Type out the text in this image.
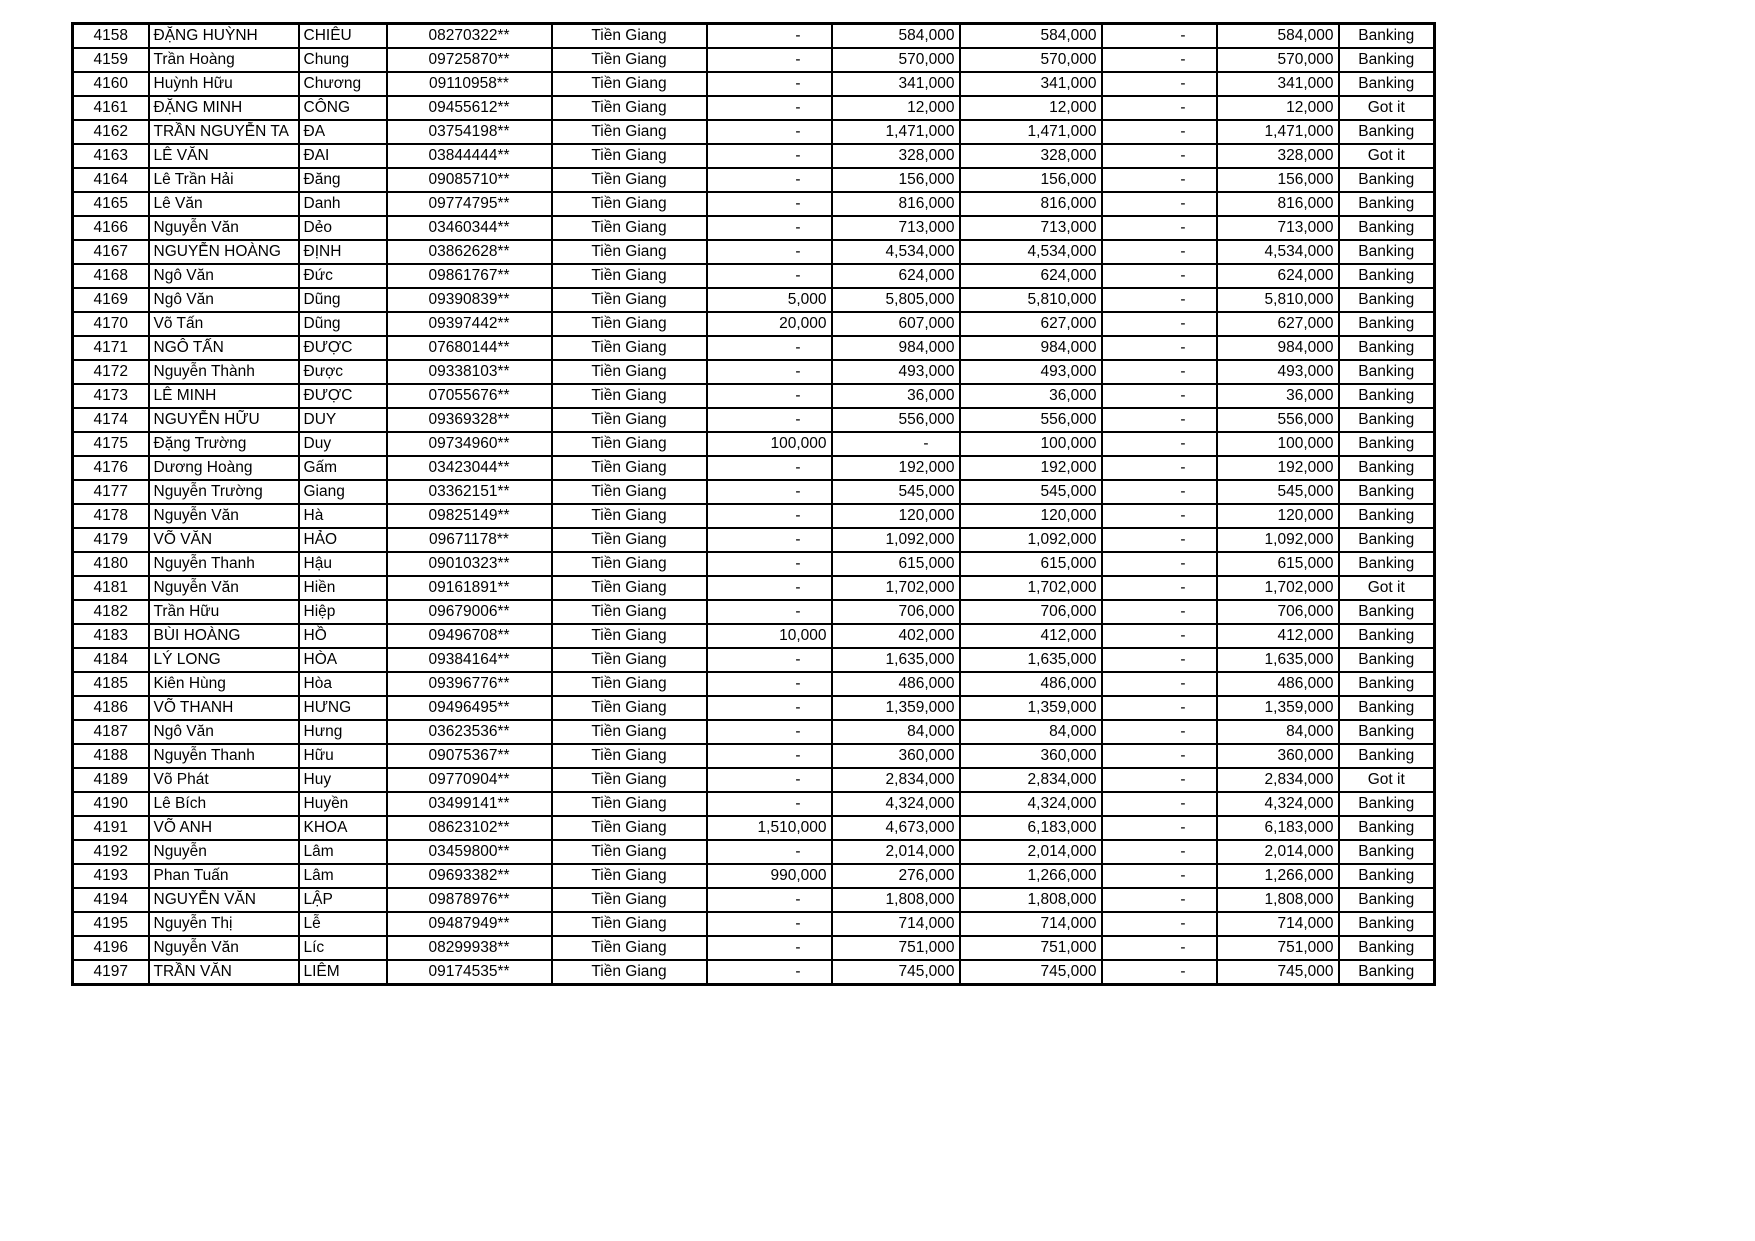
4158	ĐẶNG HUỲNH	CHIÊU	08270322**	Tiền Giang	-	584,000	584,000	-	584,000	Banking
4159	Trần Hoàng	Chung	09725870**	Tiền Giang	-	570,000	570,000	-	570,000	Banking
4160	Huỳnh Hữu	Chương	09110958**	Tiền Giang	-	341,000	341,000	-	341,000	Banking
4161	ĐẶNG MINH	CÔNG	09455612**	Tiền Giang	-	12,000	12,000	-	12,000	Got it
4162	TRẦN NGUYỄN TA	ĐA	03754198**	Tiền Giang	-	1,471,000	1,471,000	-	1,471,000	Banking
4163	LÊ VĂN	ĐAI	03844444**	Tiền Giang	-	328,000	328,000	-	328,000	Got it
4164	Lê Trần Hải	Đăng	09085710**	Tiền Giang	-	156,000	156,000	-	156,000	Banking
4165	Lê Văn	Danh	09774795**	Tiền Giang	-	816,000	816,000	-	816,000	Banking
4166	Nguyễn Văn	Dẻo	03460344**	Tiền Giang	-	713,000	713,000	-	713,000	Banking
4167	NGUYỄN HOÀNG	ĐỊNH	03862628**	Tiền Giang	-	4,534,000	4,534,000	-	4,534,000	Banking
4168	Ngô Văn	Đức	09861767**	Tiền Giang	-	624,000	624,000	-	624,000	Banking
4169	Ngô Văn	Dũng	09390839**	Tiền Giang	5,000	5,805,000	5,810,000	-	5,810,000	Banking
4170	Võ Tấn	Dũng	09397442**	Tiền Giang	20,000	607,000	627,000	-	627,000	Banking
4171	NGÔ TẤN	ĐƯỢC	07680144**	Tiền Giang	-	984,000	984,000	-	984,000	Banking
4172	Nguyễn Thành	Được	09338103**	Tiền Giang	-	493,000	493,000	-	493,000	Banking
4173	LÊ MINH	ĐƯỢC	07055676**	Tiền Giang	-	36,000	36,000	-	36,000	Banking
4174	NGUYỄN HỮU	DUY	09369328**	Tiền Giang	-	556,000	556,000	-	556,000	Banking
4175	Đặng Trường	Duy	09734960**	Tiền Giang	100,000	-	100,000	-	100,000	Banking
4176	Dương Hoàng	Gấm	03423044**	Tiền Giang	-	192,000	192,000	-	192,000	Banking
4177	Nguyễn Trường	Giang	03362151**	Tiền Giang	-	545,000	545,000	-	545,000	Banking
4178	Nguyễn Văn	Hà	09825149**	Tiền Giang	-	120,000	120,000	-	120,000	Banking
4179	VÕ VĂN	HẢO	09671178**	Tiền Giang	-	1,092,000	1,092,000	-	1,092,000	Banking
4180	Nguyễn Thanh	Hậu	09010323**	Tiền Giang	-	615,000	615,000	-	615,000	Banking
4181	Nguyễn Văn	Hiền	09161891**	Tiền Giang	-	1,702,000	1,702,000	-	1,702,000	Got it
4182	Trần Hữu	Hiệp	09679006**	Tiền Giang	-	706,000	706,000	-	706,000	Banking
4183	BÙI HOÀNG	HỒ	09496708**	Tiền Giang	10,000	402,000	412,000	-	412,000	Banking
4184	LÝ LONG	HÒA	09384164**	Tiền Giang	-	1,635,000	1,635,000	-	1,635,000	Banking
4185	Kiên Hùng	Hòa	09396776**	Tiền Giang	-	486,000	486,000	-	486,000	Banking
4186	VÕ THANH	HƯNG	09496495**	Tiền Giang	-	1,359,000	1,359,000	-	1,359,000	Banking
4187	Ngô Văn	Hưng	03623536**	Tiền Giang	-	84,000	84,000	-	84,000	Banking
4188	Nguyễn Thanh	Hữu	09075367**	Tiền Giang	-	360,000	360,000	-	360,000	Banking
4189	Võ Phát	Huy	09770904**	Tiền Giang	-	2,834,000	2,834,000	-	2,834,000	Got it
4190	Lê Bích	Huyền	03499141**	Tiền Giang	-	4,324,000	4,324,000	-	4,324,000	Banking
4191	VÕ ANH	KHOA	08623102**	Tiền Giang	1,510,000	4,673,000	6,183,000	-	6,183,000	Banking
4192	Nguyễn	Lâm	03459800**	Tiền Giang	-	2,014,000	2,014,000	-	2,014,000	Banking
4193	Phan Tuấn	Lâm	09693382**	Tiền Giang	990,000	276,000	1,266,000	-	1,266,000	Banking
4194	NGUYỄN VĂN	LẬP	09878976**	Tiền Giang	-	1,808,000	1,808,000	-	1,808,000	Banking
4195	Nguyễn Thị	Lễ	09487949**	Tiền Giang	-	714,000	714,000	-	714,000	Banking
4196	Nguyễn Văn	Líc	08299938**	Tiền Giang	-	751,000	751,000	-	751,000	Banking
4197	TRẦN VĂN	LIÊM	09174535**	Tiền Giang	-	745,000	745,000	-	745,000	Banking
